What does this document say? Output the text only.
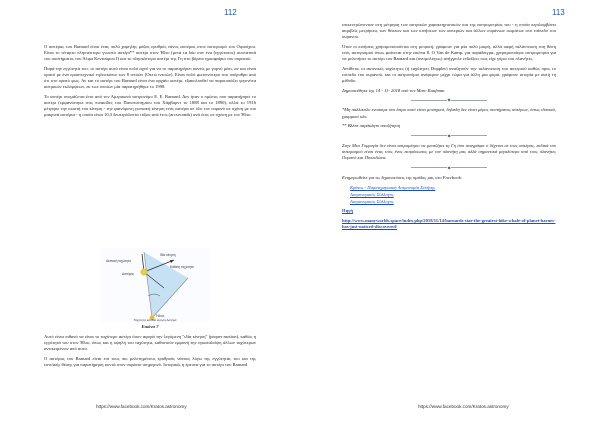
112

Ο αστέρας του Barnard είναι ένας πολύ χαμηλής μάζας ερυθρός νάνος αστέρας στον αστερισμό του Οφιούχου. Είναι το τέταρτο πλησιέστερο γνωστό αστέρι** αστέρι στον Ήλιο (μετά τα δύο συν ένα (εγγύτατος) συστατικά του συστήματος του Άλφα Κενταύρου Ι) και το πλησιέστερο αστέρι της Γη στο βόρειο ημισφαίριο του ουρανού.

Παρά την εγγύτητά του, το αστέρι αυτό είναι πολύ αχνό για να το παρατηρήσει κανείς με γυμνό μάτι, αν και είναι ορατό με ένα ερασιτεχνικό τηλεσκόπιο των 8 ιντσών (Οκτώ ιντσών). Είναι πολύ φωτεινότερο στο υπέρυθρο από ότι στο ορατό φως. Αν και το αστέρι του Barnard είναι ένα αρχαίο αστέρι, εξακολουθεί να παρουσιάζει γεγονότα αστρικών εκλάμψεων, εκ των οποίων μία παρατηρήθηκε το 1998.

Το αστέρι ονομάζεται έτσι από τον Αμερικανό αστρονόμο E. E. Barnard. Δεν ήταν ο πρώτος που παρατήρησε το αστέρι (εμφανίστηκε στις πινακίδες του Πανεπιστημίου του Χάρβαρντ το 1888 και το 1890), αλλά το 1916 μέτρησε την σωστή του κίνηση - την φαινόμενη γωνιακή κίνηση ενός αστέρα σε όλο τον ουρανό σε σχέση με πιο μακρινά αστέρια - η οποία είναι 10,3 δευτερόλεπτα τόξου ανά έτος (arcseconds) ανά έτος σε σχέση με τον Ήλιο.

Ιδία κίνηση
Κάθετη ταχύτητα
Ακτινική ταχύτητα
Αστέρας
Ήλιος
Ταχύτητα και ιδία κίνηση Αστέρα
Εικόνα 7

Αυτό είναι πιθανό να είναι το ταχύτερο αστέρι όσον αφορά την λεγόμενη "ιδία κίνηση" (proper motion), καθώς η εγγύτητά του στον Ήλιο, όπως και η υψηλή του ταχύτητα, καθιστούν εμφανή την εγκαταλείψη άλλων ταχύτερων αντικειμένων από αυτό.

Ο αστέρας του Barnard είναι επί τους πιο μελετημένους ερυθρούς νάνους λόγω της εγγύτητάς του και της ευνοϊκής θέσης για παρατήρηση κοντά στον ουράνιο ισημερινό. Ιστορικά, η έρευνα για το αστέρι του Barnard

https://www.facebook.com/Kratos.astronomy
113

επικεντρώνονταν στη μέτρηση των αστρικών χαρακτηριστικών και της αστρομετρίας του - η οποία περιλαμβάνει ακριβείς μετρήσεις των θέσεων και των κινήσεων των αστεριών και άλλων ουράνιων σωμάτων στο επίπεδο του ουρανού.

Όταν οι κινήσεις χρησιμοποιούνται στη μετρική, γράφουν για μία πολύ μικρή, αλλά σαφή ταλάντευση στη θέση ενός αστερισμού όπως φαίνεται στην εικόνα 8. Ο Van de Kamp, για παράδειγμα, χρησιμοποίησε αστρομετρία για να μελετήσει το αστέρι του Barnard και (ανομολόγως) ανήγγειλε ενδείξεις πως είχε γύρω του πλανήτες.

Αντίθετα, οι ακτινικές ταχύτητες (ή ταχύτητες Doppler) αναζητούν την ταλάντευση του αστεριού καθώς προς το επίπεδο του ουρανού, και οι αστρονόμοι ανέφεραν μέχρι τώρα για άλλη μια φορά, γράφουν ιστορία με αυτή τη μέθοδο.

Δημοσιεύθηκε της 14 - 11- 2018 από τον Marc Kaufman

◆

*Μη παλλικολο ενυασιμε στο ίστρο αυτό είναι μοναχικά, δηλαδή δεν είναι μέρος συστήματος αστέρων, όπως ιδανικά, γραμμικό κλπ.

** Βλέπε παράκλητο αποζήτηση

◆

Στην Μεσ Γυμρυγία δεν είναι αστρομέτριο να μεταζέρει τη Γη όσο αναγράφει ο δέχεται σε τους αστέρας, εκδικά του αστερισμού είναι ένας τους ένας εκπρόσωπος με τον πλανήτη μας αλλά σημαντικά μεγαλύτερο από τους πλανήτες Ουρανό και Ποσειδώνα.

◆

Ενημερωθείτε για τις δημοσιεύσεις της ομάδας μας στο Facebook:

Κράτος - Παρατηρησιακή Αστρονομία Σελήνης

Αστρονομικός Σύλλογος

Αστρονομικός Σύλλογος

Πηγή

http://www.manyworlds.space/index.php/2018/11/14/barnards-star-the-greatest-hike-whale-of-planet-barnes-has-just-noticed-discovered/

https://www.facebook.com/Kratos.astronomy
